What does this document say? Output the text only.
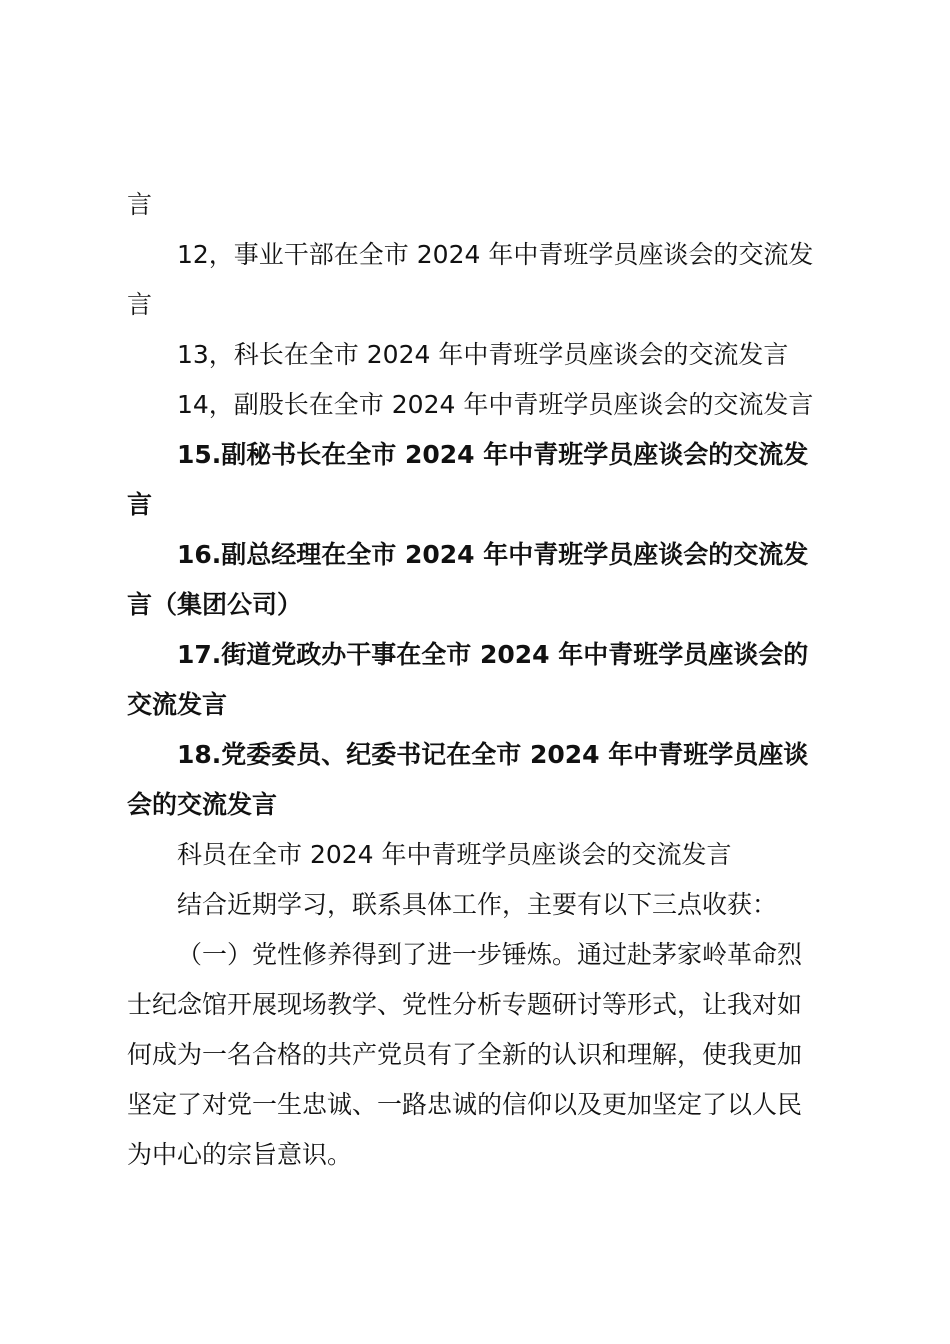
言
12，事业干部在全市 2024 年中青班学员座谈会的交流发
言
13，科长在全市 2024 年中青班学员座谈会的交流发言
14，副股长在全市 2024 年中青班学员座谈会的交流发言
15.副秘书长在全市 2024 年中青班学员座谈会的交流发
言
16.副总经理在全市 2024 年中青班学员座谈会的交流发
言（集团公司）
17.街道党政办干事在全市 2024 年中青班学员座谈会的
交流发言
18.党委委员、纪委书记在全市 2024 年中青班学员座谈
会的交流发言
科员在全市 2024 年中青班学员座谈会的交流发言
结合近期学习，联系具体工作，主要有以下三点收获：
（一）党性修养得到了进一步锤炼。通过赴茅家岭革命烈
士纪念馆开展现场教学、党性分析专题研讨等形式，让我对如
何成为一名合格的共产党员有了全新的认识和理解，使我更加
坚定了对党一生忠诚、一路忠诚的信仰以及更加坚定了以人民
为中心的宗旨意识。
